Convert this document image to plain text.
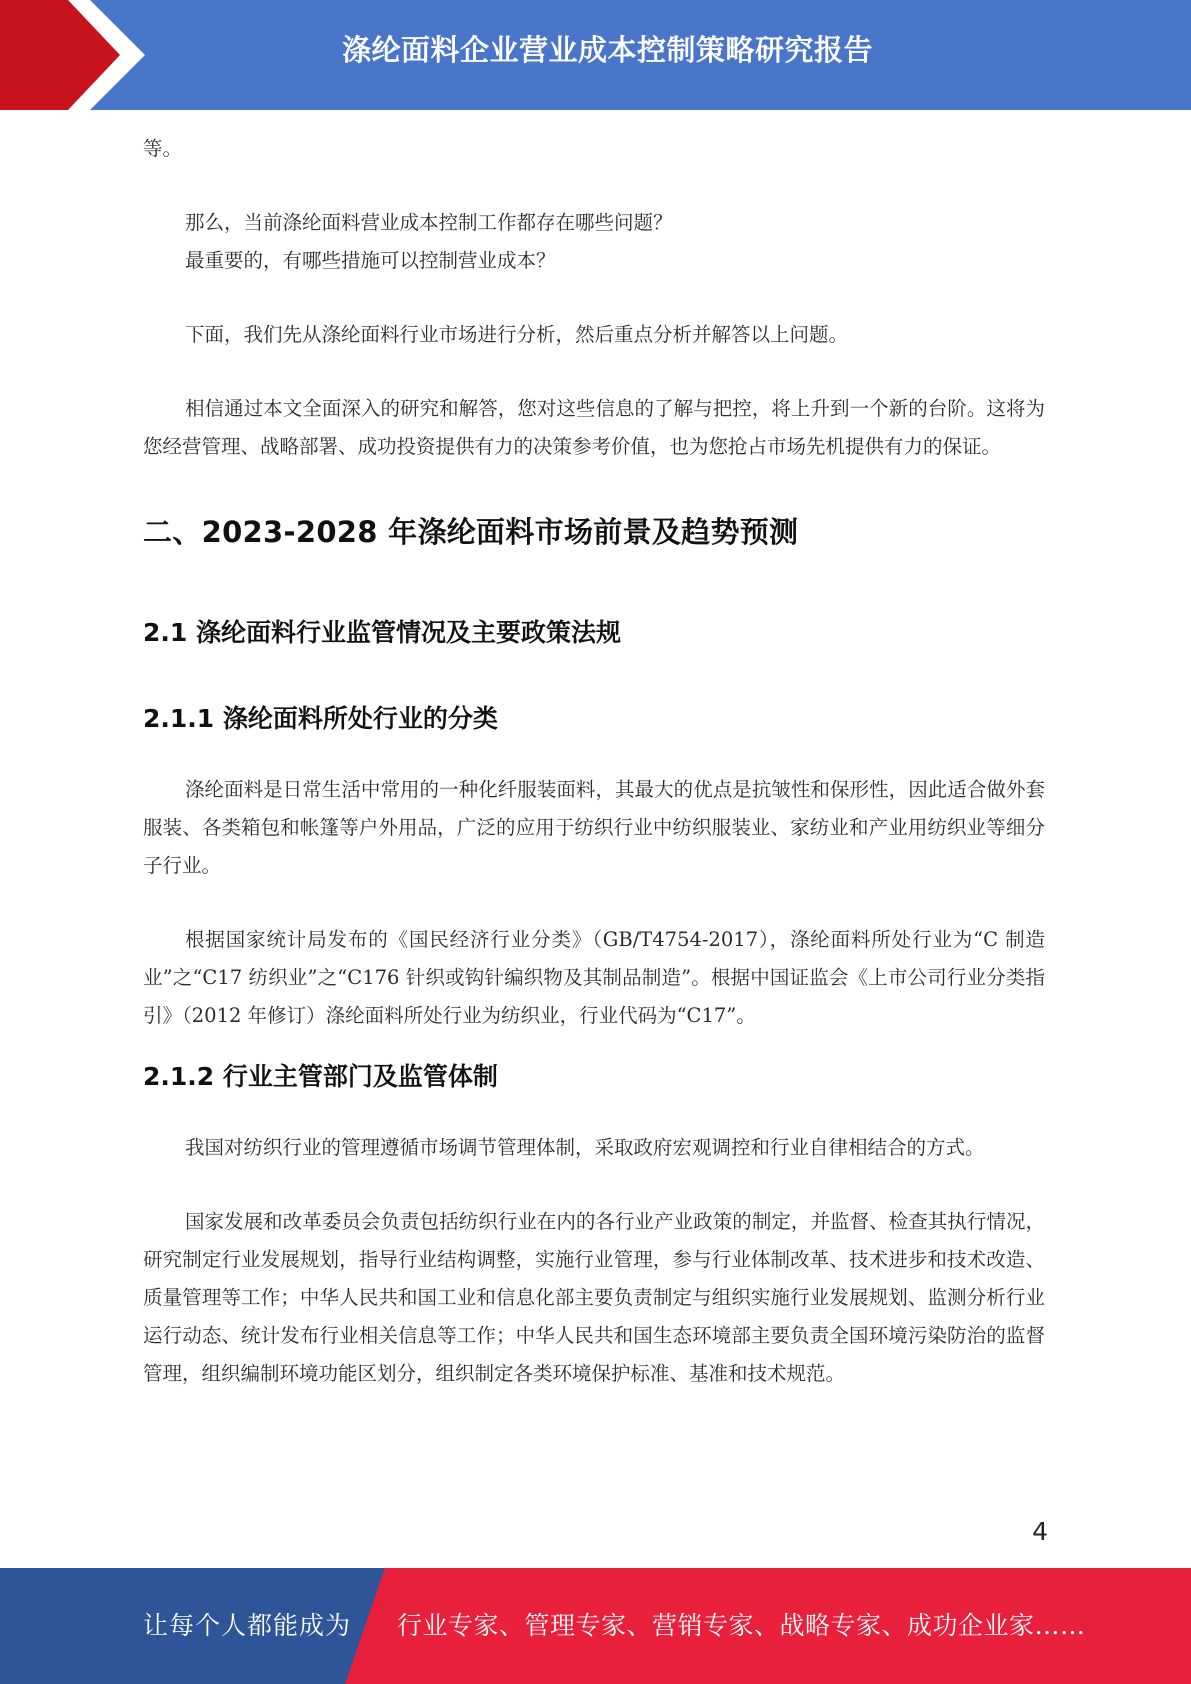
涤纶面料企业营业成本控制策略研究报告

等。

那么，当前涤纶面料营业成本控制工作都存在哪些问题？

最重要的，有哪些措施可以控制营业成本？

下面，我们先从涤纶面料行业市场进行分析，然后重点分析并解答以上问题。

相信通过本文全面深入的研究和解答，您对这些信息的了解与把控，将上升到一个新的台阶。这将为您经营管理、战略部署、成功投资提供有力的决策参考价值，也为您抢占市场先机提供有力的保证。

二、2023-2028 年涤纶面料市场前景及趋势预测
2.1 涤纶面料行业监管情况及主要政策法规
2.1.1 涤纶面料所处行业的分类

涤纶面料是日常生活中常用的一种化纤服装面料，其最大的优点是抗皱性和保形性，因此适合做外套服装、各类箱包和帐篷等户外用品，广泛的应用于纺织行业中纺织服装业、家纺业和产业用纺织业等细分子行业。

根据国家统计局发布的《国民经济行业分类》（GB/T4754-2017），涤纶面料所处行业为“C 制造业”之“C17 纺织业”之“C176 针织或钩针编织物及其制品制造”。根据中国证监会《上市公司行业分类指引》（2012 年修订）涤纶面料所处行业为纺织业，行业代码为“C17”。

2.1.2 行业主管部门及监管体制

我国对纺织行业的管理遵循市场调节管理体制，采取政府宏观调控和行业自律相结合的方式。

国家发展和改革委员会负责包括纺织行业在内的各行业产业政策的制定，并监督、检查其执行情况，研究制定行业发展规划，指导行业结构调整，实施行业管理，参与行业体制改革、技术进步和技术改造、质量管理等工作；中华人民共和国工业和信息化部主要负责制定与组织实施行业发展规划、监测分析行业运行动态、统计发布行业相关信息等工作；中华人民共和国生态环境部主要负责全国环境污染防治的监督管理，组织编制环境功能区划分，组织制定各类环境保护标准、基准和技术规范。

4
让每个人都能成为 行业专家、管理专家、营销专家、战略专家、成功企业家……
